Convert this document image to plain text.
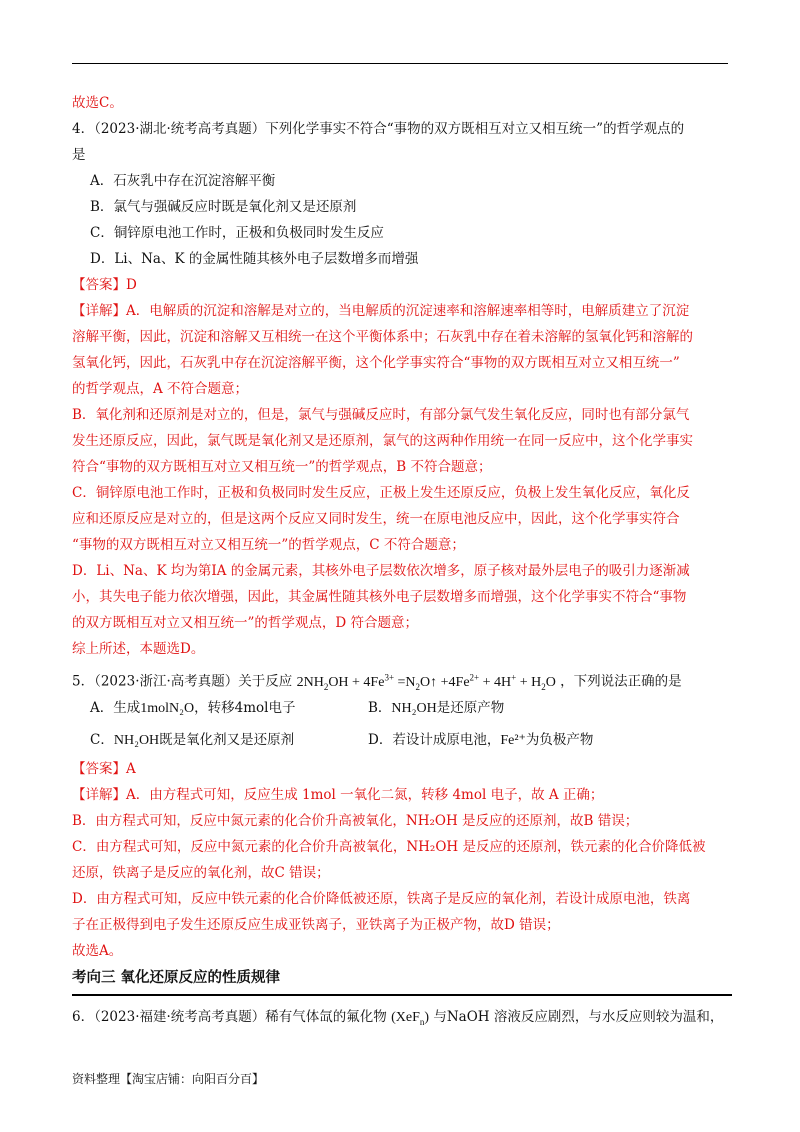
故选C。
4．（2023·湖北·统考高考真题）下列化学事实不符合“事物的双方既相互对立又相互统一”的哲学观点的
是
A．石灰乳中存在沉淀溶解平衡
B．氯气与强碱反应时既是氧化剂又是还原剂
C．铜锌原电池工作时，正极和负极同时发生反应
D．Li、Na、K 的金属性随其核外电子层数增多而增强
【答案】D
【详解】A．电解质的沉淀和溶解是对立的，当电解质的沉淀速率和溶解速率相等时，电解质建立了沉淀
溶解平衡，因此，沉淀和溶解又互相统一在这个平衡体系中；石灰乳中存在着未溶解的氢氧化钙和溶解的
氢氧化钙，因此，石灰乳中存在沉淀溶解平衡，这个化学事实符合“事物的双方既相互对立又相互统一”
的哲学观点，A 不符合题意；
B．氧化剂和还原剂是对立的，但是，氯气与强碱反应时，有部分氯气发生氧化反应，同时也有部分氯气
发生还原反应，因此，氯气既是氧化剂又是还原剂，氯气的这两种作用统一在同一反应中，这个化学事实
符合“事物的双方既相互对立又相互统一”的哲学观点，B 不符合题意；
C．铜锌原电池工作时，正极和负极同时发生反应，正极上发生还原反应，负极上发生氧化反应，氧化反
应和还原反应是对立的，但是这两个反应又同时发生，统一在原电池反应中，因此，这个化学事实符合
“事物的双方既相互对立又相互统一”的哲学观点，C 不符合题意；
D．Li、Na、K 均为第ⅠA 的金属元素，其核外电子层数依次增多，原子核对最外层电子的吸引力逐渐减
小，其失电子能力依次增强，因此，其金属性随其核外电子层数增多而增强，这个化学事实不符合“事物
的双方既相互对立又相互统一”的哲学观点，D 符合题意；
综上所述，本题选D。
5．（2023·浙江·高考真题）关于反应 $2NH_2OH + 4Fe^{3+}$ $=N_2O↑ +4Fe^{2+} + 4H^+ + H_2O$ ，下列说法正确的是
A．生成1molN₂O，转移4mol电子	B．NH₂OH是还原产物
C．NH₂OH既是氧化剂又是还原剂	D．若设计成原电池，Fe²⁺为负极产物
【答案】A
【详解】A．由方程式可知，反应生成 1mol 一氧化二氮，转移 4mol 电子，故 A 正确；
B．由方程式可知，反应中氮元素的化合价升高被氧化，NH₂OH 是反应的还原剂，故B 错误；
C．由方程式可知，反应中氮元素的化合价升高被氧化，NH₂OH 是反应的还原剂，铁元素的化合价降低被
还原，铁离子是反应的氧化剂，故C 错误；
D．由方程式可知，反应中铁元素的化合价降低被还原，铁离子是反应的氧化剂，若设计成原电池，铁离
子在正极得到电子发生还原反应生成亚铁离子，亚铁离子为正极产物，故D 错误；
故选A。
考向三 氧化还原反应的性质规律
6．（2023·福建·统考高考真题）稀有气体氙的氟化物 (XeF$_n$) 与NaOH 溶液反应剧烈，与水反应则较为温和，
资料整理【淘宝店铺：向阳百分百】
